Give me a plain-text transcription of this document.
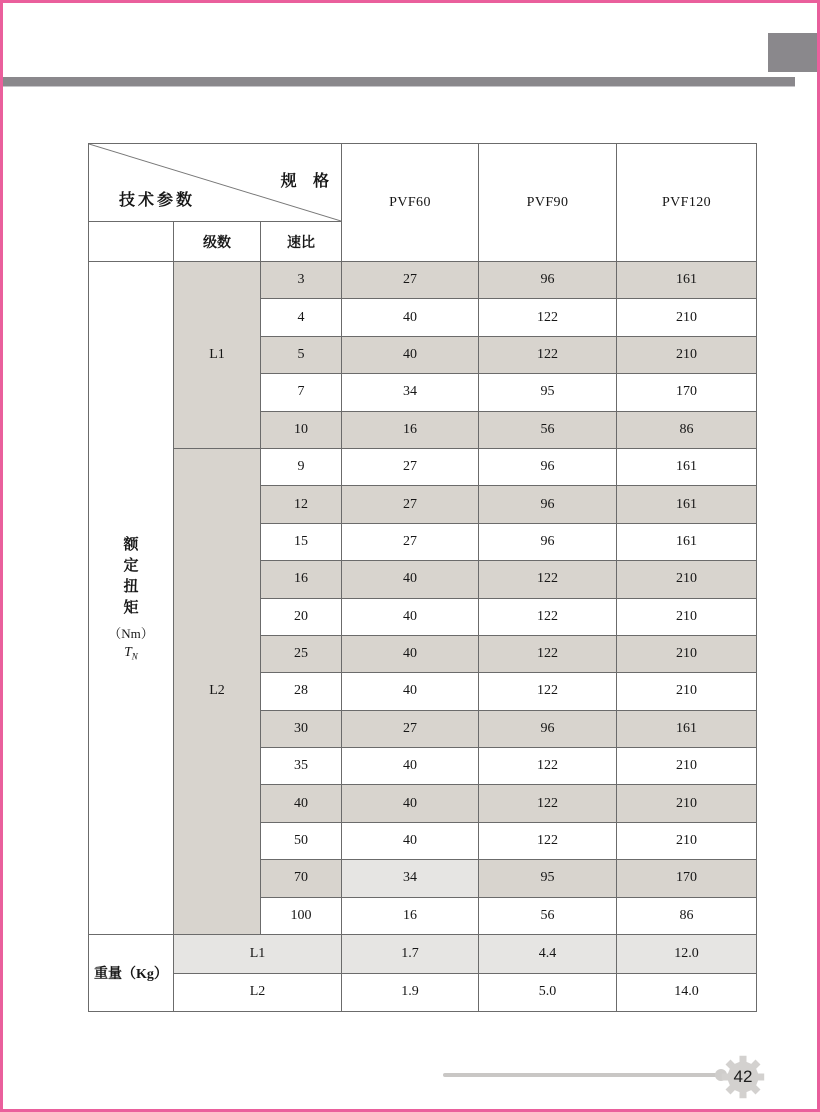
规 格
技术参数			PVF60	PVF90	PVF120
	级数	速比			

额
定
扭
矩
（Nm）
$T_N$
	L1	3	27	96	161
		4	40	122	210
		5	40	122	210
		7	34	95	170
		10	16	56	86
	L2	9	27	96	161
		12	27	96	161
		15	27	96	161
		16	40	122	210
		20	40	122	210
		25	40	122	210
		28	40	122	210
		30	27	96	161
		35	40	122	210
		40	40	122	210
		50	40	122	210
		70	34	95	170
		100	16	56	86
重量（Kg）	L1		1.7	4.4	12.0
	L2		1.9	5.0	14.0
42
